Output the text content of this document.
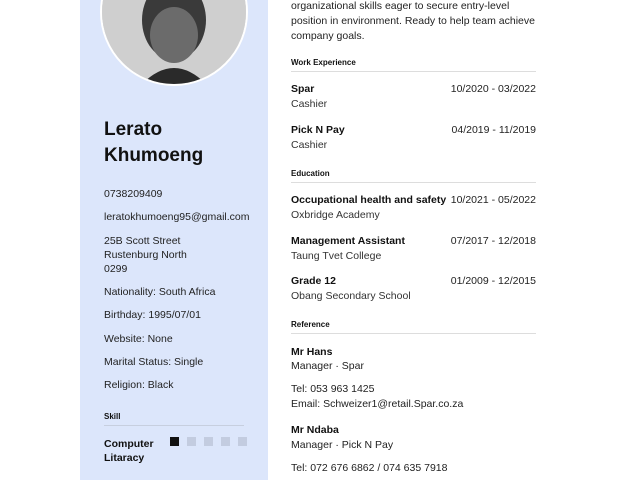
Lerato Khumoeng
0738209409
leratokhumoeng95@gmail.com
25B Scott Street
Rustenburg North
0299
Nationality: South Africa
Birthday: 1995/07/01
Website: None
Marital Status: Single
Religion: Black
Skill
Computer Litaracy
organizational skills eager to secure entry-level
position in environment. Ready to help team achieve
company goals.
Work Experience
Spar	10/2020 - 03/2022
Cashier
Pick N Pay	04/2019 - 11/2019
Cashier
Education
Occupational health and safety 10/2021 - 05/2022
Oxbridge Academy
Management Assistant	07/2017 - 12/2018
Taung Tvet College
Grade 12	01/2009 - 12/2015
Obang Secondary School
Reference
Mr Hans
Manager · Spar
Tel: 053 963 1425
Email: Schweizer1@retail.Spar.co.za
Mr Ndaba
Manager · Pick N Pay
Tel: 072 676 6862 / 074 635 7918
